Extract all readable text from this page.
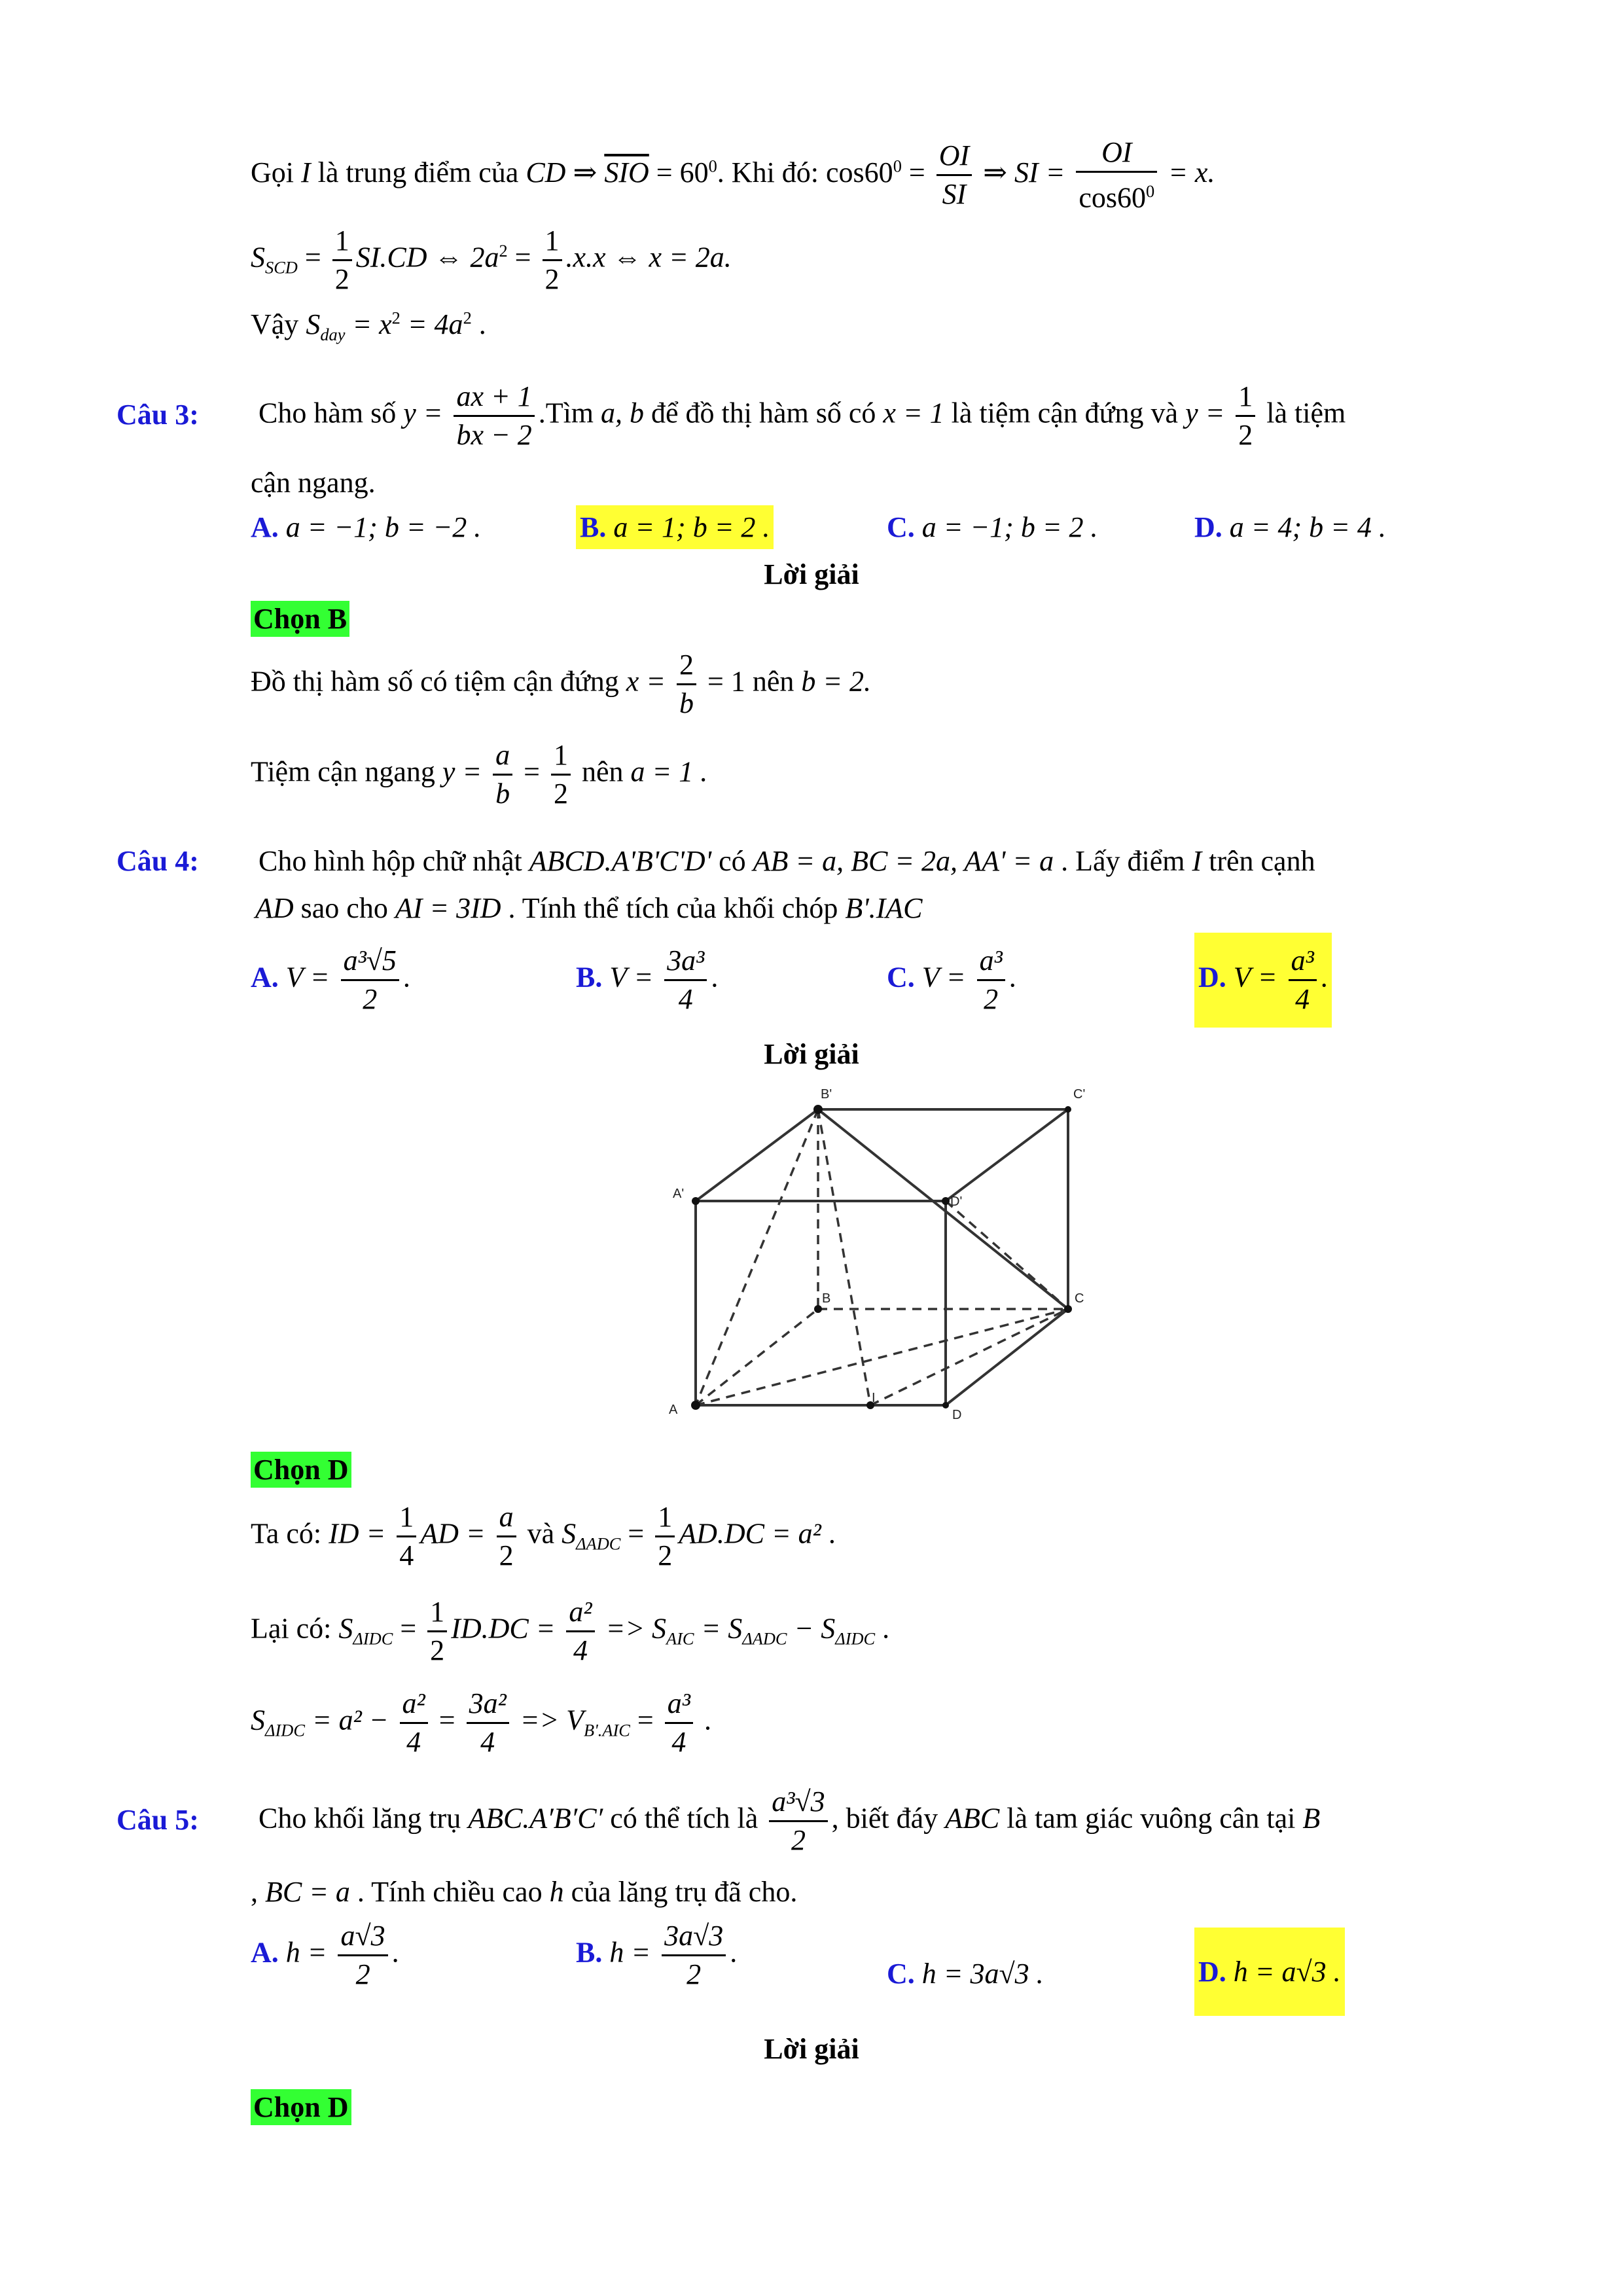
Gọi I là trung điểm của CD ⇒ $\overline{SIO} = 60^0$. Khi đó: $\cos 60^0 = \frac{OI}{SI}$ ⇒ SI = $\frac{OI}{\cos 60^0} = x$.
$S_{SCD} = \frac{1}{2} SI.CD$ ⇔ $2a^2 = \frac{1}{2} .x.x$ ⇔ x = 2a.
Vậy $S_{day} = x^2 = 4a^2$ .
Câu 3: Cho hàm số $y = \frac{ax + 1}{bx - 2}$ .Tìm a, b để đồ thị hàm số có x = 1 là tiệm cận đứng và $y = \frac{1}{2}$ là tiệm
cận ngang.
A. a = −1; b = −2 .	B. a = 1; b = 2 .	C. a = −1; b = 2 .	D. a = 4; b = 4 .
Lời giải
Chọn B
Đồ thị hàm số có tiệm cận đứng $x = \frac{2}{b} = 1$ nên b = 2.
Tiệm cận ngang $y = \frac{a}{b} = \frac{1}{2}$ nên a = 1 .
Câu 4: Cho hình hộp chữ nhật ABCD.A'B'C'D' có AB = a, BC = 2a, AA' = a . Lấy điểm I trên cạnh
AD sao cho AI = 3ID . Tính thể tích của khối chóp B'.IAC
A. $V = \frac{\text{a³√5}}{2}$ .	B. $V = \frac{\text{3a³}}{4}$ .	C. $V = \frac{\text{a³}}{2}$ .	D. $V = \frac{\text{a³}}{4}$ .
Lời giải
B'	C'
A'
D'
B	C
A	D
I
Chọn D
Ta có: ID = $\frac{1}{4}$ AD = $\frac{a}{2}$ và $S_{\Delta ADC} = \frac{1}{2} AD.DC = a^2$ .
Lại có: $S_{\Delta IDC} = \frac{1}{2} ID.DC = \frac{\text{a²}}{4} => S_{AIC} = S_{\Delta ADC} - S_{\Delta IDC}$ .
$S_{\Delta IDC} = a^2 - \frac{\text{a²}}{4} = \frac{\text{3a²}}{4} => V_{B'.AIC} = \frac{\text{a³}}{4}$ .
Câu 5: Cho khối lăng trụ ABC.A′B′C′ có thể tích là $\frac{\text{a³√3}}{2}$ , biết đáy ABC là tam giác vuông cân tại B
, BC = a . Tính chiều cao h của lăng trụ đã cho.
A. $h = \frac{a√3}{2}$ .	B. $h = \frac{3a√3}{2}$ .
C. h = 3a√3 .	D. h = a√3 .
Lời giải
Chọn D
